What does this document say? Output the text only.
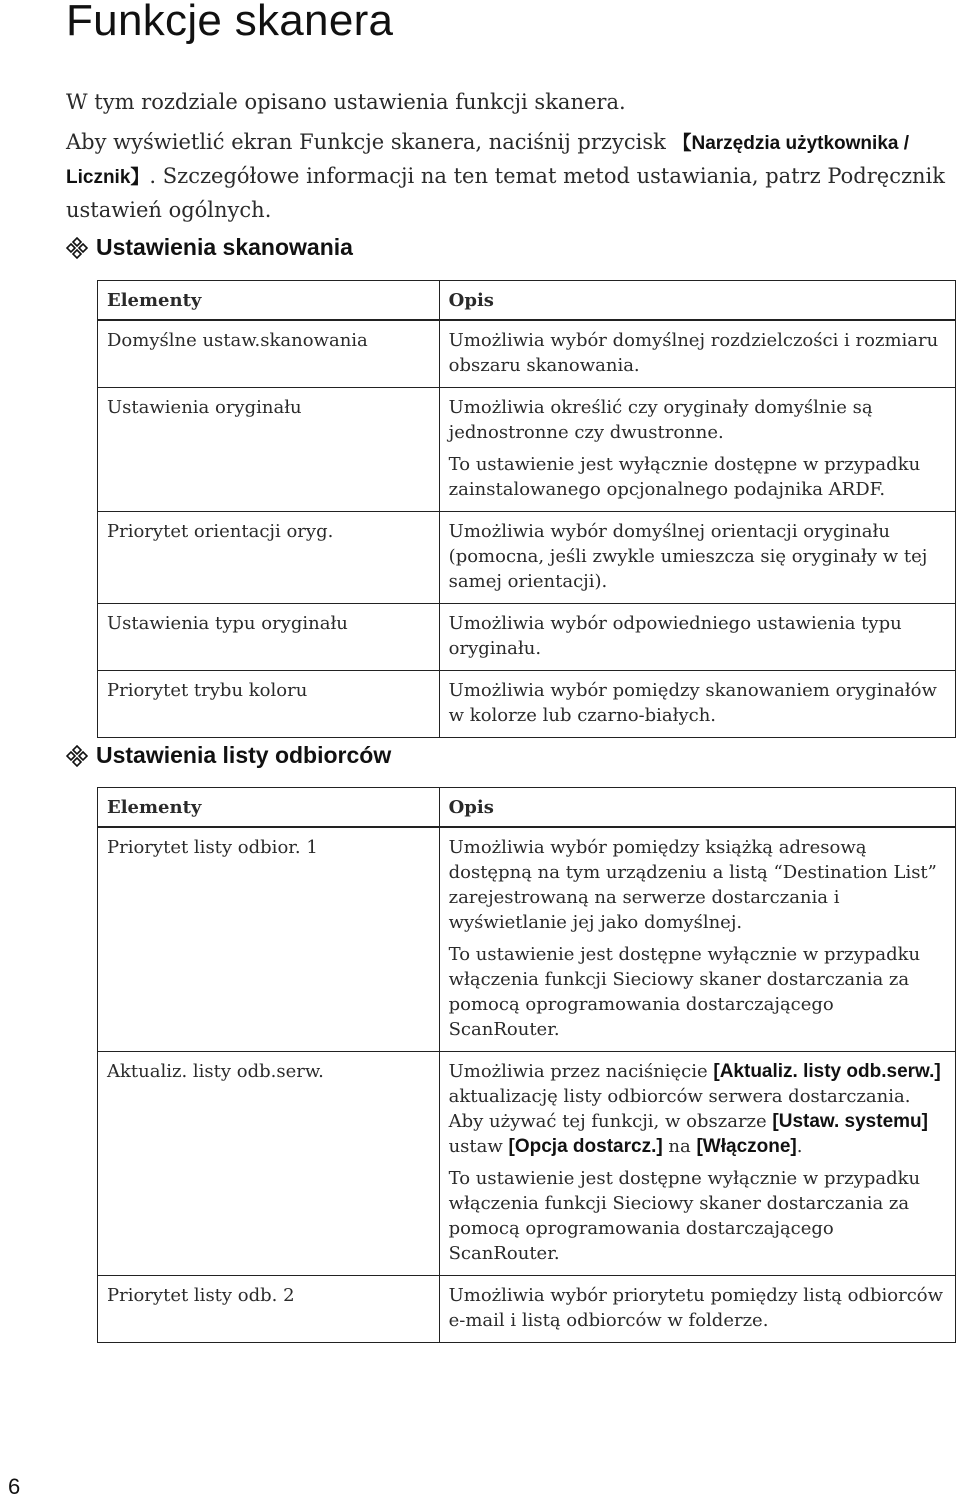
Funkcje skanera

W tym rozdziale opisano ustawienia funkcji skanera.

Aby wyświetlić ekran Funkcje skanera, naciśnij przycisk 【Narzędzia użytkownika / Licznik】. Szczegółowe informacji na ten temat metod ustawiania, patrz Podręcznik ustawień ogólnych.

Ustawienia skanowania
Elementy	Opis
Domyślne ustaw.skanowania	Umożliwia wybór domyślnej rozdzielczości i rozmiaru obszaru skanowania.

Ustawienia oryginału	Umożliwia określić czy oryginały domyślnie są jednostronne czy dwustronne.

To ustawienie jest wyłącznie dostępne w przypadku zainstalowanego opcjonalnego podajnika ARDF.

Priorytet orientacji oryg.	Umożliwia wybór domyślnej orientacji oryginału (pomocna, jeśli zwykle umieszcza się oryginały w tej samej orientacji).

Ustawienia typu oryginału	Umożliwia wybór odpowiedniego ustawienia typu oryginału.

Priorytet trybu koloru	Umożliwia wybór pomiędzy skanowaniem oryginałów w kolorze lub czarno-białych.

Ustawienia listy odbiorców
Elementy	Opis
Priorytet listy odbior. 1	Umożliwia wybór pomiędzy książką adresową dostępną na tym urządzeniu a listą “Destination List” zarejestrowaną na serwerze dostarczania i wyświetlanie jej jako domyślnej.

To ustawienie jest dostępne wyłącznie w przypadku włączenia funkcji Sieciowy skaner dostarczania za pomocą oprogramowania dostarczającego ScanRouter.

Aktualiz. listy odb.serw.	Umożliwia przez naciśnięcie [Aktualiz. listy odb.serw.] aktualizację listy odbiorców serwera dostarczania. Aby używać tej funkcji, w obszarze [Ustaw. systemu] ustaw [Opcja dostarcz.] na [Włączone].

To ustawienie jest dostępne wyłącznie w przypadku włączenia funkcji Sieciowy skaner dostarczania za pomocą oprogramowania dostarczającego ScanRouter.

Priorytet listy odb. 2	Umożliwia wybór priorytetu pomiędzy listą odbiorców e-mail i listą odbiorców w folderze.

6
